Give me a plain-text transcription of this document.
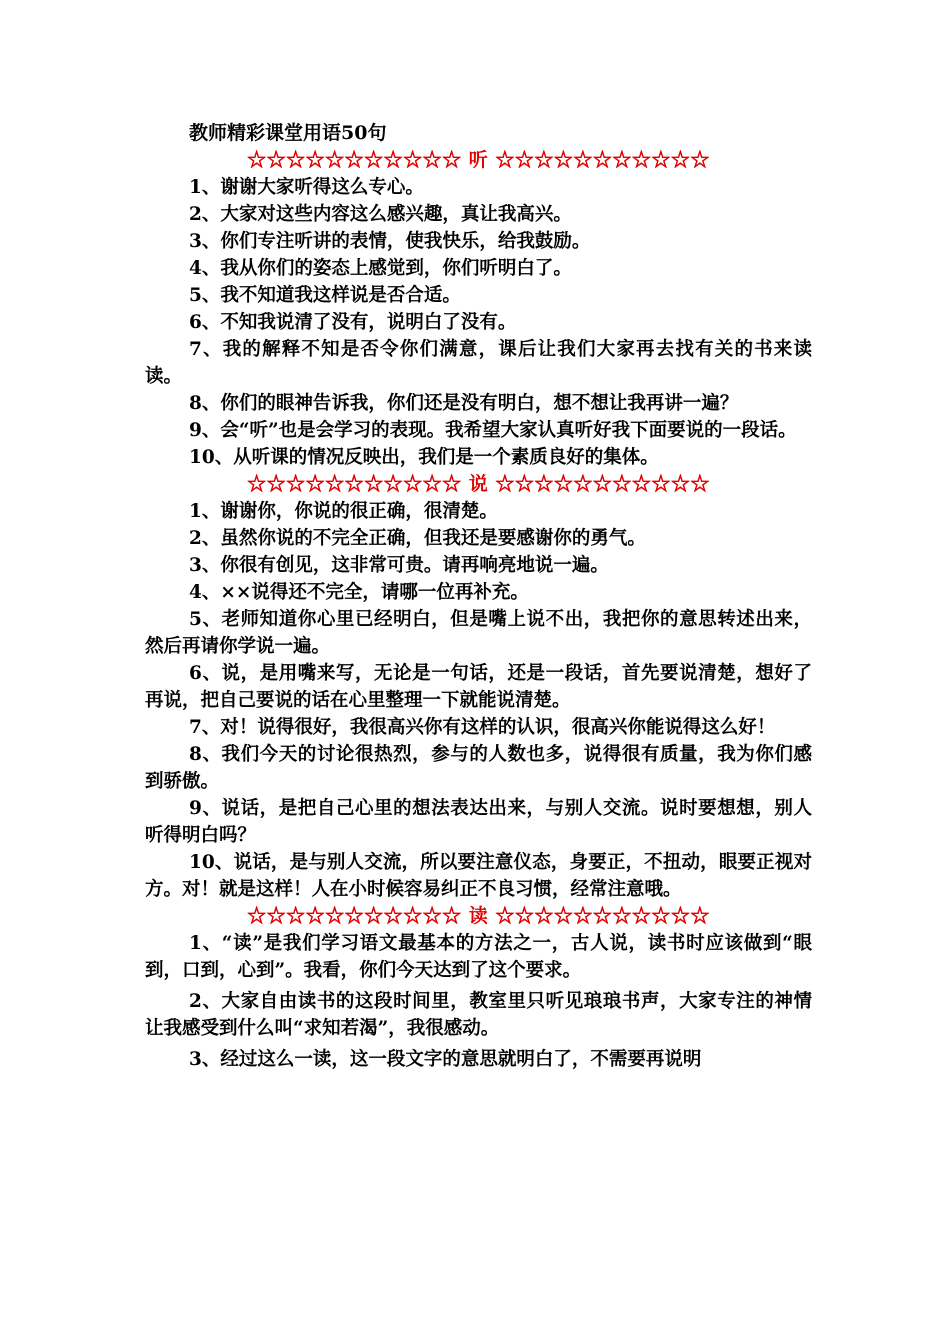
教师精彩课堂用语50句
☆☆☆☆☆☆☆☆☆☆☆ 听 ☆☆☆☆☆☆☆☆☆☆☆

1、谢谢大家听得这么专心。

2、大家对这些内容这么感兴趣，真让我高兴。

3、你们专注听讲的表情，使我快乐，给我鼓励。

4、我从你们的姿态上感觉到，你们听明白了。

5、我不知道我这样说是否合适。

6、不知我说清了没有，说明白了没有。

7、我的解释不知是否令你们满意，课后让我们大家再去找有关的书来读读。

8、你们的眼神告诉我，你们还是没有明白，想不想让我再讲一遍？

9、会“听”也是会学习的表现。我希望大家认真听好我下面要说的一段话。

10、从听课的情况反映出，我们是一个素质良好的集体。

☆☆☆☆☆☆☆☆☆☆☆ 说 ☆☆☆☆☆☆☆☆☆☆☆

1、谢谢你，你说的很正确，很清楚。

2、虽然你说的不完全正确，但我还是要感谢你的勇气。

3、你很有创见，这非常可贵。请再响亮地说一遍。

4、××说得还不完全，请哪一位再补充。

5、老师知道你心里已经明白，但是嘴上说不出，我把你的意思转述出来，然后再请你学说一遍。

6、说，是用嘴来写，无论是一句话，还是一段话，首先要说清楚，想好了再说，把自己要说的话在心里整理一下就能说清楚。

7、对！说得很好，我很高兴你有这样的认识，很高兴你能说得这么好！

8、我们今天的讨论很热烈，参与的人数也多，说得很有质量，我为你们感到骄傲。

9、说话，是把自己心里的想法表达出来，与别人交流。说时要想想，别人听得明白吗？

10、说话，是与别人交流，所以要注意仪态，身要正，不扭动，眼要正视对方。对！就是这样！人在小时候容易纠正不良习惯，经常注意哦。

☆☆☆☆☆☆☆☆☆☆☆ 读 ☆☆☆☆☆☆☆☆☆☆☆

1、“读”是我们学习语文最基本的方法之一，古人说，读书时应该做到“眼到，口到，心到”。我看，你们今天达到了这个要求。

2、大家自由读书的这段时间里，教室里只听见琅琅书声，大家专注的神情让我感受到什么叫“求知若渴”，我很感动。

3、经过这么一读，这一段文字的意思就明白了，不需要再说明
